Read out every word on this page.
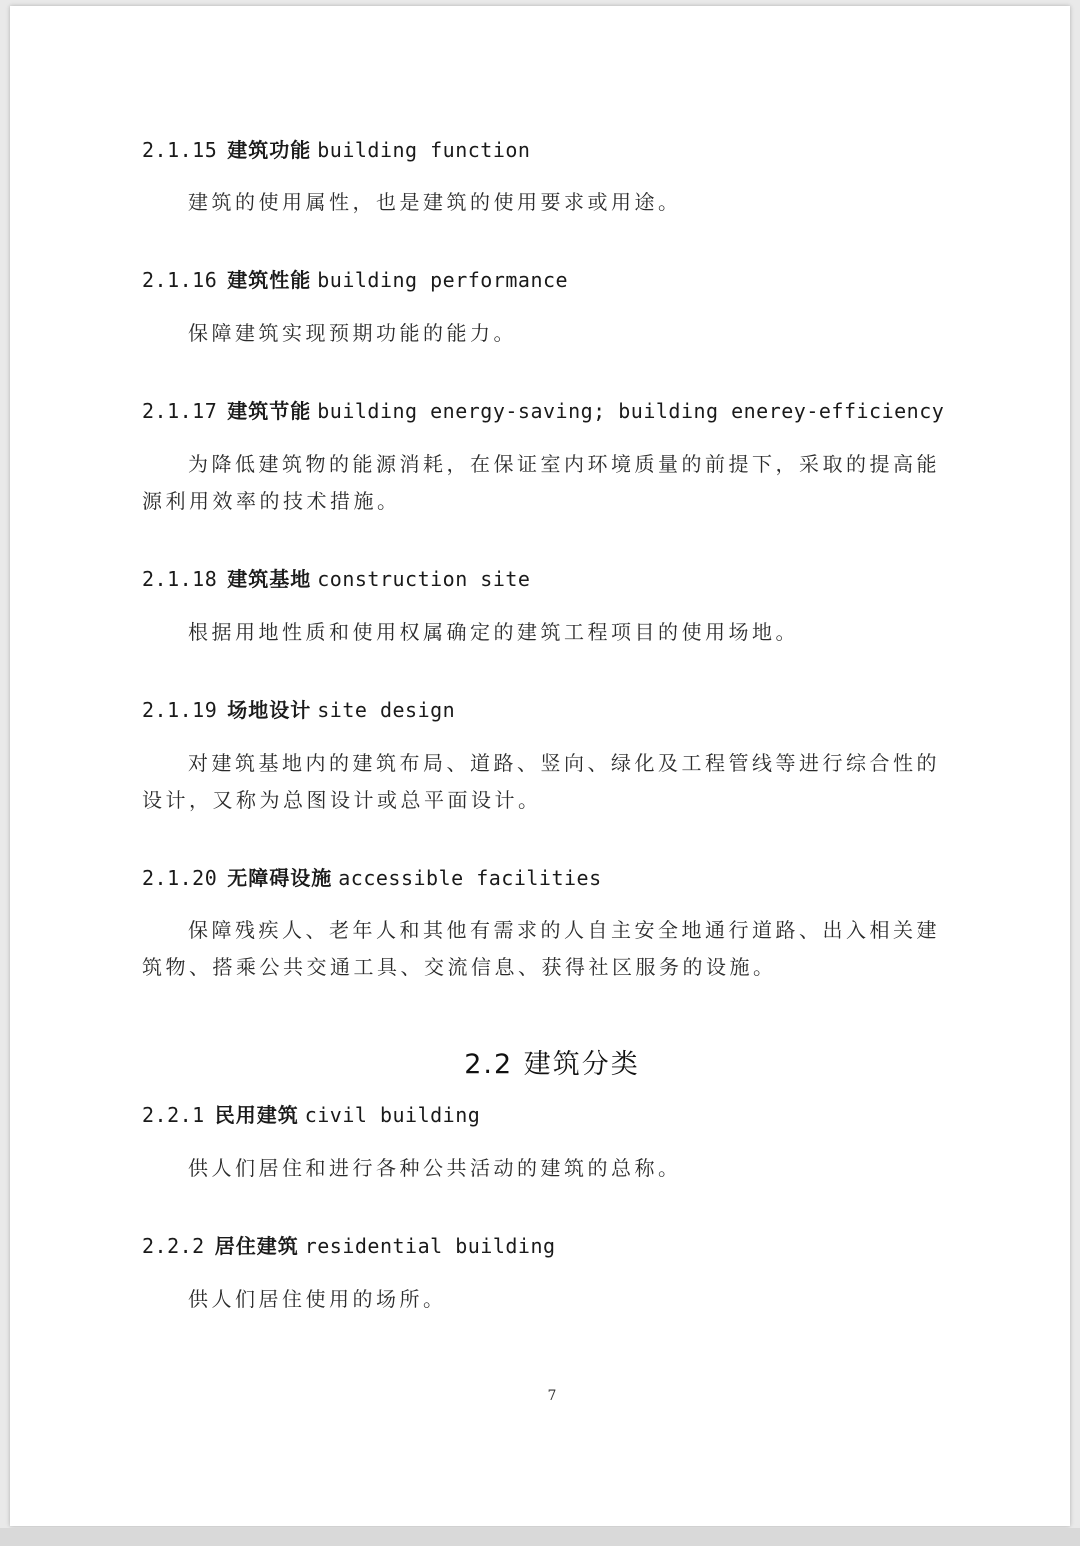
2.1.15 建筑功能 building function
建筑的使用属性，也是建筑的使用要求或用途。
2.1.16 建筑性能 building performance
保障建筑实现预期功能的能力。
2.1.17 建筑节能 building energy-saving; building enerey-efficiency
为降低建筑物的能源消耗，在保证室内环境质量的前提下，采取的提高能源利用效率的技术措施。
2.1.18 建筑基地 construction site
根据用地性质和使用权属确定的建筑工程项目的使用场地。
2.1.19 场地设计 site design
对建筑基地内的建筑布局、道路、竖向、绿化及工程管线等进行综合性的设计，又称为总图设计或总平面设计。
2.1.20 无障碍设施 accessible facilities
保障残疾人、老年人和其他有需求的人自主安全地通行道路、出入相关建筑物、搭乘公共交通工具、交流信息、获得社区服务的设施。
2.2 建筑分类
2.2.1 民用建筑 civil building
供人们居住和进行各种公共活动的建筑的总称。
2.2.2 居住建筑 residential building
供人们居住使用的场所。
7
